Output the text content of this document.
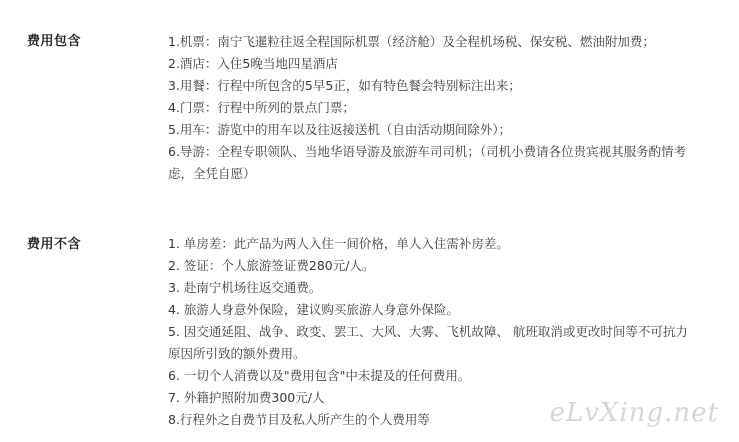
费用包含	1.机票：南宁飞暹粒往返全程国际机票（经济舱）及全程机场税、保安税、燃油附加费；
2.酒店：入住5晚当地四星酒店
3.用餐：行程中所包含的5早5正，如有特色餐会特别标注出来；
4.门票：行程中所列的景点门票；
5.用车：游览中的用车以及往返接送机（自由活动期间除外）；
6.导游：全程专职领队、当地华语导游及旅游车司司机；（司机小费请各位贵宾视其服务酌情考虑，全凭自愿）
费用不含	1. 单房差：此产品为两人入住一间价格，单人入住需补房差。
2. 签证：个人旅游签证费280元/人。
3. 赴南宁机场往返交通费。
4. 旅游人身意外保险，建议购买旅游人身意外保险。
5. 因交通延阻、战争、政变、罢工、大风、大雾、飞机故障、 航班取消或更改时间等不可抗力原因所引致的额外费用。
6. 一切个人消费以及"费用包含"中未提及的任何费用。
7. 外籍护照附加费300元/人
8.行程外之自费节目及私人所产生的个人费用等	eLvXing.net
